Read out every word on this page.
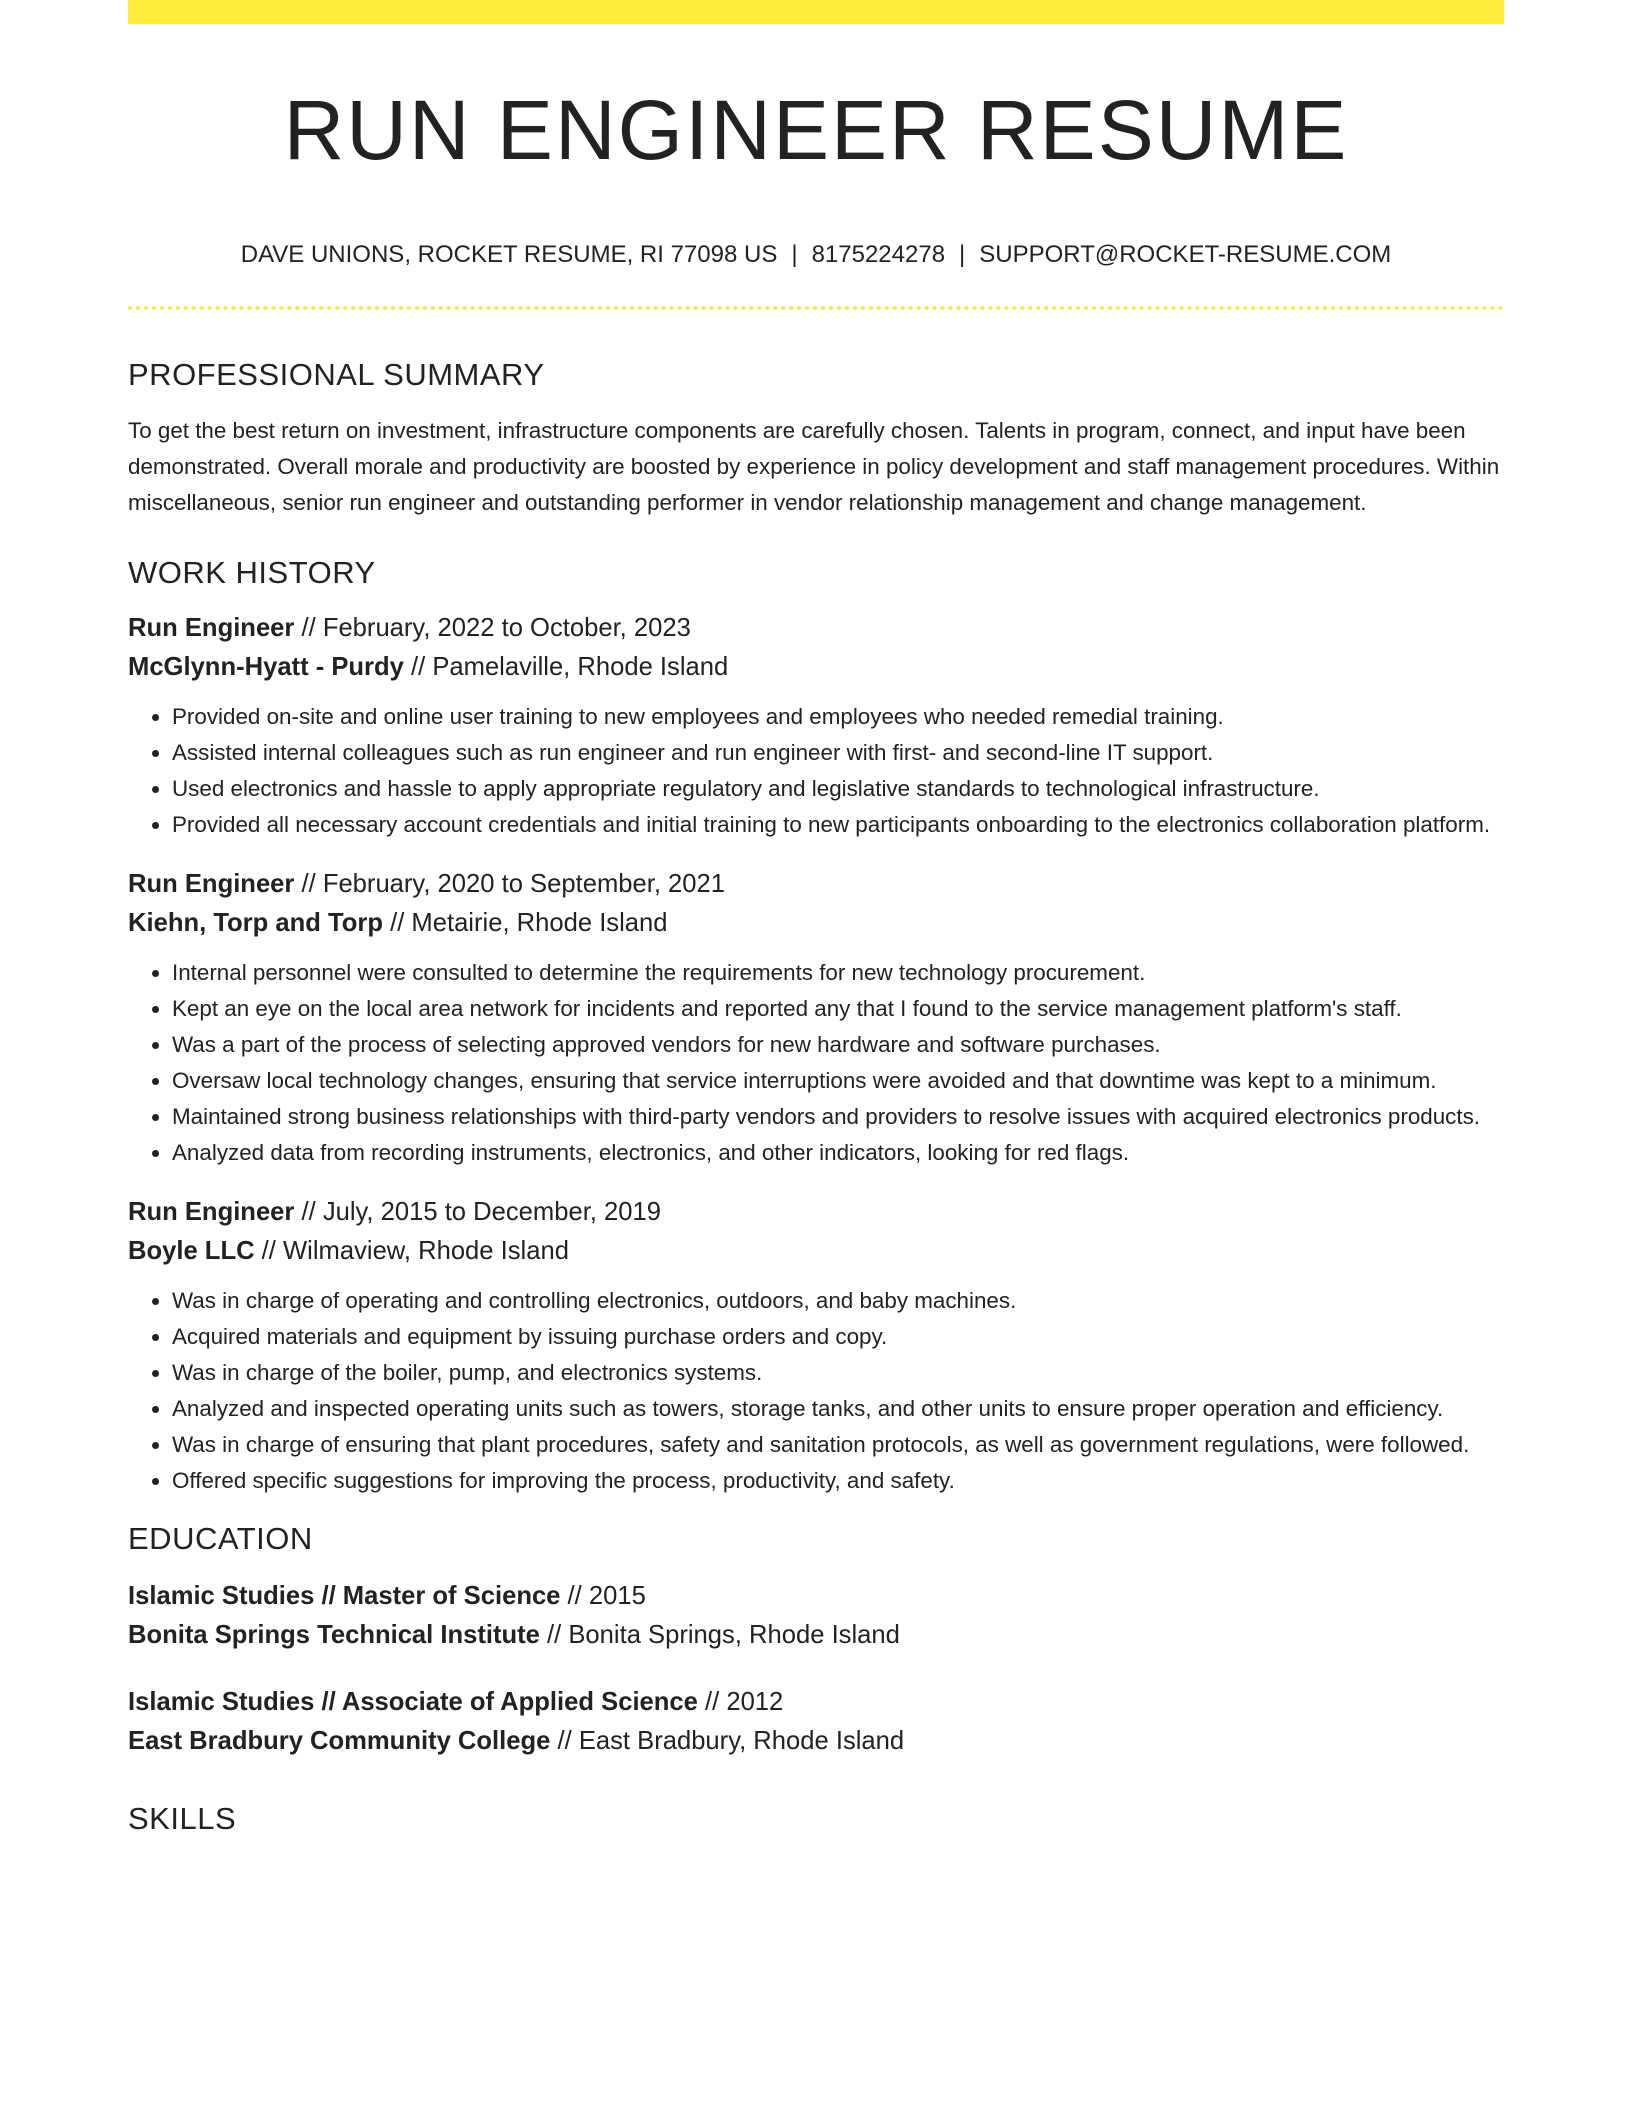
RUN ENGINEER RESUME
DAVE UNIONS, ROCKET RESUME, RI 77098 US | 8175224278 | SUPPORT@ROCKET-RESUME.COM
PROFESSIONAL SUMMARY
To get the best return on investment, infrastructure components are carefully chosen. Talents in program, connect, and input have been demonstrated. Overall morale and productivity are boosted by experience in policy development and staff management procedures. Within miscellaneous, senior run engineer and outstanding performer in vendor relationship management and change management.
WORK HISTORY
Run Engineer // February, 2022 to October, 2023
McGlynn-Hyatt - Purdy // Pamelaville, Rhode Island
• Provided on-site and online user training to new employees and employees who needed remedial training.
• Assisted internal colleagues such as run engineer and run engineer with first- and second-line IT support.
• Used electronics and hassle to apply appropriate regulatory and legislative standards to technological infrastructure.
• Provided all necessary account credentials and initial training to new participants onboarding to the electronics collaboration platform.
Run Engineer // February, 2020 to September, 2021
Kiehn, Torp and Torp // Metairie, Rhode Island
• Internal personnel were consulted to determine the requirements for new technology procurement.
• Kept an eye on the local area network for incidents and reported any that I found to the service management platform's staff.
• Was a part of the process of selecting approved vendors for new hardware and software purchases.
• Oversaw local technology changes, ensuring that service interruptions were avoided and that downtime was kept to a minimum.
• Maintained strong business relationships with third-party vendors and providers to resolve issues with acquired electronics products.
• Analyzed data from recording instruments, electronics, and other indicators, looking for red flags.
Run Engineer // July, 2015 to December, 2019
Boyle LLC // Wilmaview, Rhode Island
• Was in charge of operating and controlling electronics, outdoors, and baby machines.
• Acquired materials and equipment by issuing purchase orders and copy.
• Was in charge of the boiler, pump, and electronics systems.
• Analyzed and inspected operating units such as towers, storage tanks, and other units to ensure proper operation and efficiency.
• Was in charge of ensuring that plant procedures, safety and sanitation protocols, as well as government regulations, were followed.
• Offered specific suggestions for improving the process, productivity, and safety.
EDUCATION
Islamic Studies // Master of Science // 2015
Bonita Springs Technical Institute // Bonita Springs, Rhode Island
Islamic Studies // Associate of Applied Science // 2012
East Bradbury Community College // East Bradbury, Rhode Island
SKILLS
